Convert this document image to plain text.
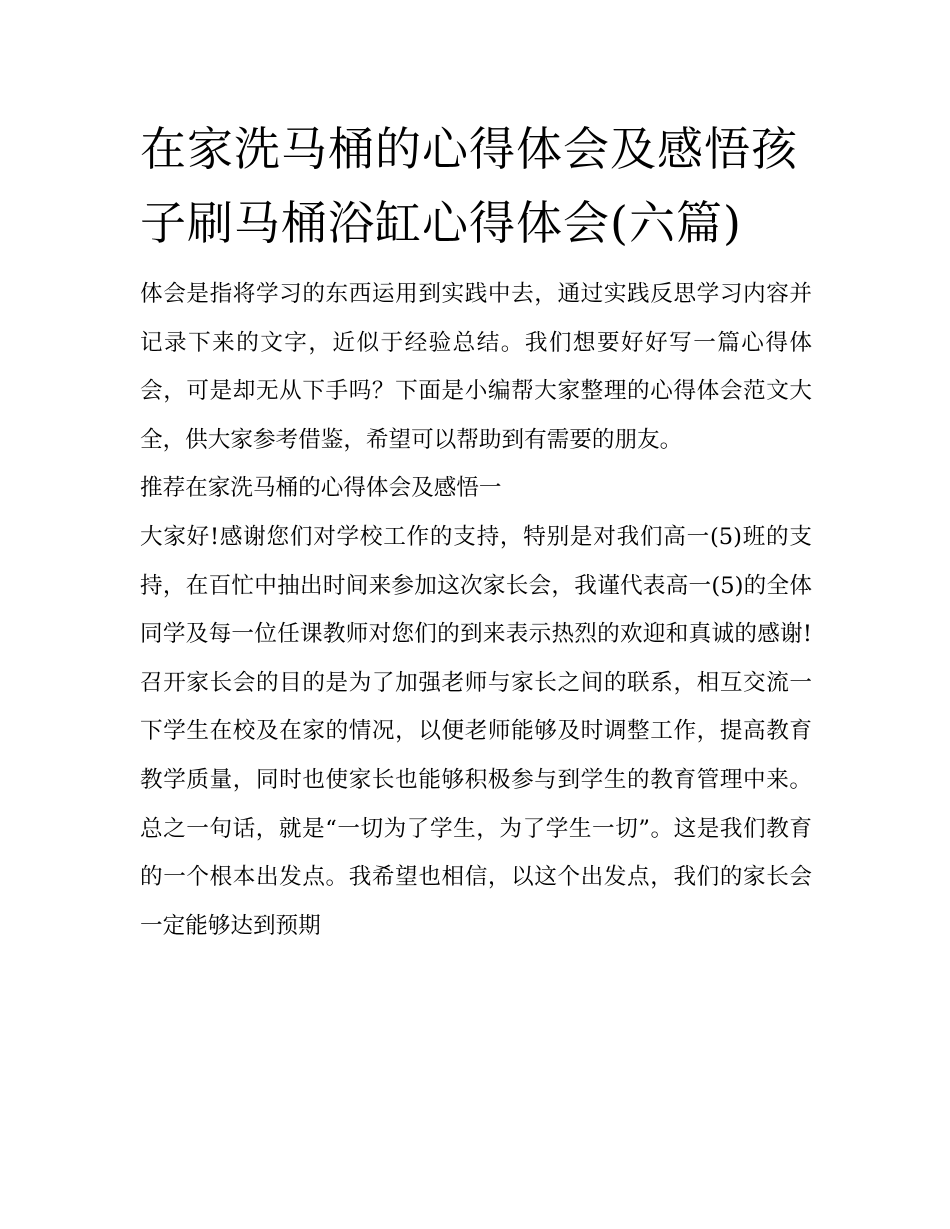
在家洗马桶的心得体会及感悟孩子刷马桶浴缸心得体会(六篇)

体会是指将学习的东西运用到实践中去，通过实践反思学习内容并记录下来的文字，近似于经验总结。我们想要好好写一篇心得体会，可是却无从下手吗？下面是小编帮大家整理的心得体会范文大全，供大家参考借鉴，希望可以帮助到有需要的朋友。

推荐在家洗马桶的心得体会及感悟一

大家好!感谢您们对学校工作的支持，特别是对我们高一(5)班的支持，在百忙中抽出时间来参加这次家长会，我谨代表高一(5)的全体同学及每一位任课教师对您们的到来表示热烈的欢迎和真诚的感谢!召开家长会的目的是为了加强老师与家长之间的联系，相互交流一下学生在校及在家的情况，以便老师能够及时调整工作，提高教育教学质量，同时也使家长也能够积极参与到学生的教育管理中来。总之一句话，就是“一切为了学生，为了学生一切”。这是我们教育的一个根本出发点。我希望也相信，以这个出发点，我们的家长会一定能够达到预期
